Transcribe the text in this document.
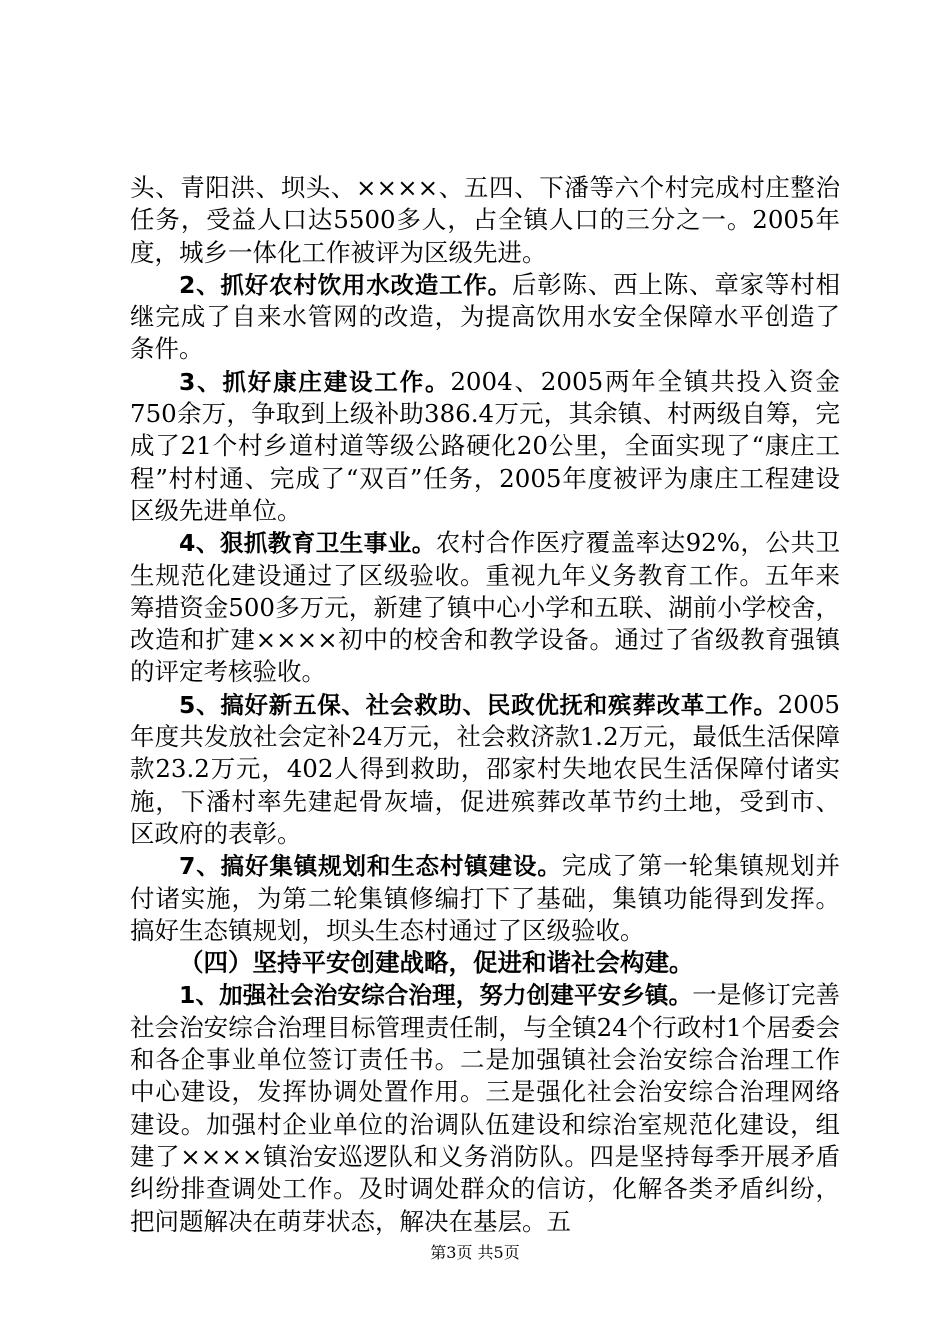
头、青阳洪、坝头、××××、五四、下潘等六个村完成村庄整治任务，受益人口达5500多人，占全镇人口的三分之一。2005年度，城乡一体化工作被评为区级先进。

2、抓好农村饮用水改造工作。后彰陈、西上陈、章家等村相继完成了自来水管网的改造，为提高饮用水安全保障水平创造了条件。

3、抓好康庄建设工作。2004、2005两年全镇共投入资金750余万，争取到上级补助386.4万元，其余镇、村两级自筹，完成了21个村乡道村道等级公路硬化20公里，全面实现了“康庄工程”村村通、完成了“双百”任务，2005年度被评为康庄工程建设区级先进单位。

4、狠抓教育卫生事业。农村合作医疗覆盖率达92%，公共卫生规范化建设通过了区级验收。重视九年义务教育工作。五年来筹措资金500多万元，新建了镇中心小学和五联、湖前小学校舍，改造和扩建××××初中的校舍和教学设备。通过了省级教育强镇的评定考核验收。

5、搞好新五保、社会救助、民政优抚和殡葬改革工作。2005年度共发放社会定补24万元，社会救济款1.2万元，最低生活保障款23.2万元，402人得到救助，邵家村失地农民生活保障付诸实施，下潘村率先建起骨灰墙，促进殡葬改革节约土地，受到市、区政府的表彰。

7、搞好集镇规划和生态村镇建设。完成了第一轮集镇规划并付诸实施，为第二轮集镇修编打下了基础，集镇功能得到发挥。搞好生态镇规划，坝头生态村通过了区级验收。

（四）坚持平安创建战略，促进和谐社会构建。

1、加强社会治安综合治理，努力创建平安乡镇。一是修订完善社会治安综合治理目标管理责任制，与全镇24个行政村1个居委会和各企事业单位签订责任书。二是加强镇社会治安综合治理工作中心建设，发挥协调处置作用。三是强化社会治安综合治理网络建设。加强村企业单位的治调队伍建设和综治室规范化建设，组建了××××镇治安巡逻队和义务消防队。四是坚持每季开展矛盾纠纷排查调处工作。及时调处群众的信访，化解各类矛盾纠纷，把问题解决在萌芽状态，解决在基层。五

第3页 共5页
